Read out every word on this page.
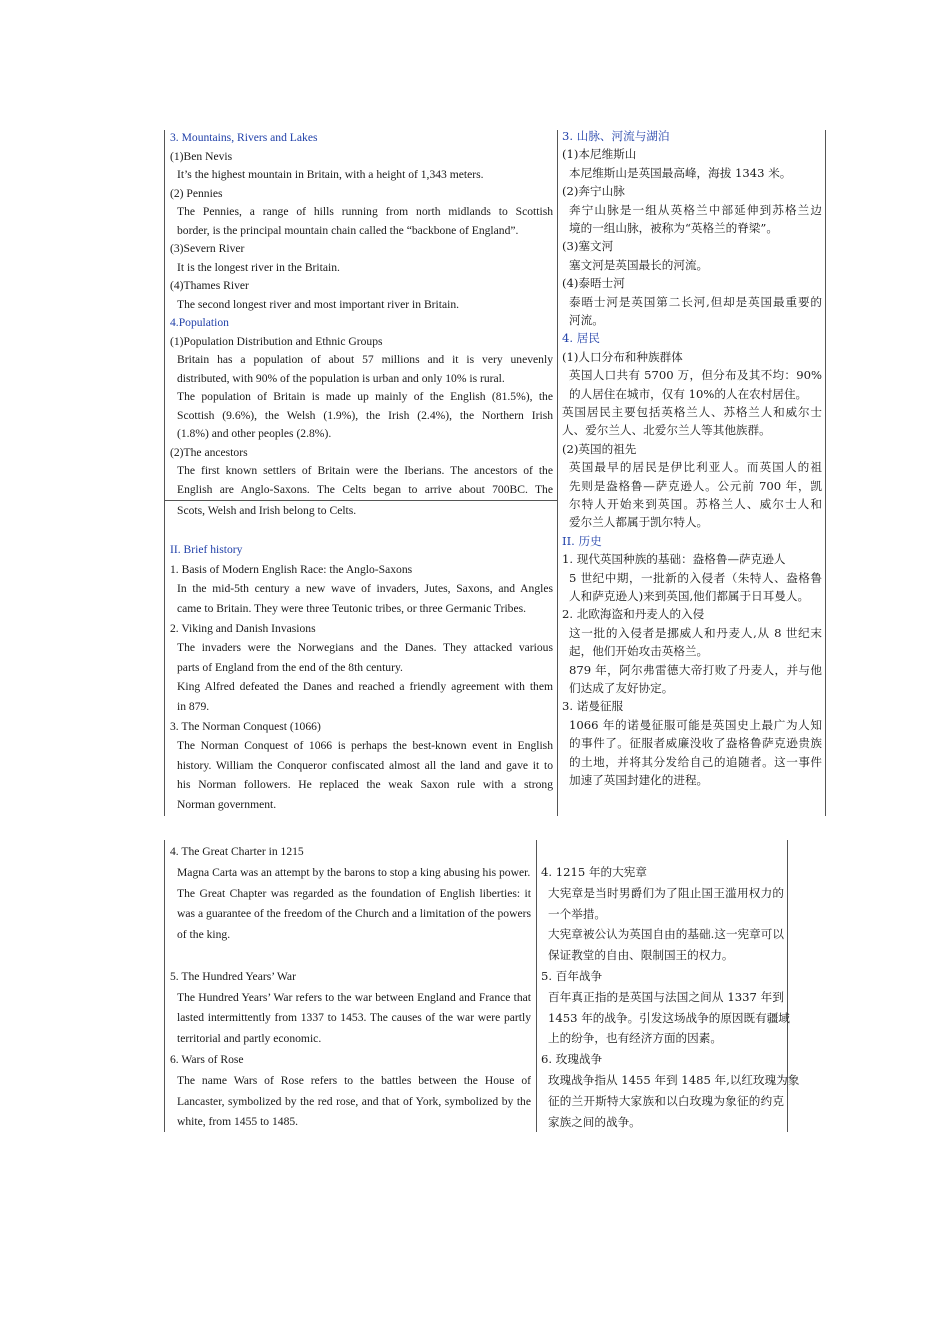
3. Mountains, Rivers and Lakes
(1)Ben Nevis
It’s the highest mountain in Britain, with a height of 1,343 meters.
(2) Pennies
The Pennies, a range of hills running from north midlands to Scottish
border, is the principal mountain chain called the “backbone of England”.
(3)Severn River
It is the longest river in the Britain.
(4)Thames River
The second longest river and most important river in Britain.
4.Population
(1)Population Distribution and Ethnic Groups
Britain has a population of about 57 millions and it is very unevenly
distributed, with 90% of the population is urban and only 10% is rural.
The population of Britain is made up mainly of the English (81.5%), the
Scottish (9.6%), the Welsh (1.9%), the Irish (2.4%), the Northern Irish
(1.8%) and other peoples (2.8%).
(2)The ancestors
The first known settlers of Britain were the Iberians. The ancestors of the
English are Anglo-Saxons. The Celts began to arrive about 700BC. The
3. 山脉、河流与湖泊
(1)本尼维斯山
本尼维斯山是英国最高峰，海拔 1343 米。
(2)奔宁山脉
奔宁山脉是一组从英格兰中部延伸到苏格兰边
境的一组山脉，被称为“英格兰的脊梁”。
(3)塞文河
塞文河是英国最长的河流。
(4)泰晤士河
泰晤士河是英国第二长河,但却是英国最重要的
河流。
4. 居民
(1)人口分布和种族群体
英国人口共有 5700 万，但分布及其不均：90%
的人居住在城市，仅有 10%的人在农村居住。
英国居民主要包括英格兰人、苏格兰人和威尔士
人、爱尔兰人、北爱尔兰人等其他族群。
(2)英国的祖先
英国最早的居民是伊比利亚人。而英国人的祖
先则是盎格鲁—萨克逊人。公元前 700 年，凯
尔特人开始来到英国。苏格兰人、威尔士人和
爱尔兰人都属于凯尔特人。
II. 历史
1. 现代英国种族的基础：盎格鲁—萨克逊人
5 世纪中期，一批新的入侵者（朱特人、盎格鲁
人和萨克逊人)来到英国,他们都属于日耳曼人。
2. 北欧海盗和丹麦人的入侵
这一批的入侵者是挪威人和丹麦人,从 8 世纪末
起，他们开始攻击英格兰。
879 年，阿尔弗雷德大帝打败了丹麦人，并与他
们达成了友好协定。
3. 诺曼征服
1066 年的诺曼征服可能是英国史上最广为人知
的事件了。征服者威廉没收了盎格鲁萨克逊贵族
的土地，并将其分发给自己的追随者。这一事件
加速了英国封建化的进程。
Scots, Welsh and Irish belong to Celts.
II. Brief history
1. Basis of Modern English Race: the Anglo-Saxons
In the mid-5th century a new wave of invaders, Jutes, Saxons, and Angles
came to Britain. They were three Teutonic tribes, or three Germanic Tribes.
2. Viking and Danish Invasions
The invaders were the Norwegians and the Danes. They attacked various
parts of England from the end of the 8th century.
King Alfred defeated the Danes and reached a friendly agreement with them
in 879.
3. The Norman Conquest (1066)
The Norman Conquest of 1066 is perhaps the best-known event in English
history. William the Conqueror confiscated almost all the land and gave it to
his Norman followers. He replaced the weak Saxon rule with a strong
Norman government.
4. The Great Charter in 1215
Magna Carta was an attempt by the barons to stop a king abusing his power.
The Great Chapter was regarded as the foundation of English liberties: it
was a guarantee of the freedom of the Church and a limitation of the powers
of the king.
5. The Hundred Years’ War
The Hundred Years’ War refers to the war between England and France that
lasted intermittently from 1337 to 1453. The causes of the war were partly
territorial and partly economic.
6. Wars of Rose
The name Wars of Rose refers to the battles between the House of
Lancaster, symbolized by the red rose, and that of York, symbolized by the
white, from 1455 to 1485.
4. 1215 年的大宪章
大宪章是当时男爵们为了阻止国王滥用权力的
一个举措。
大宪章被公认为英国自由的基础.这一宪章可以
保证教堂的自由、限制国王的权力。
5. 百年战争
百年真正指的是英国与法国之间从 1337 年到
1453 年的战争。引发这场战争的原因既有疆域
上的纷争，也有经济方面的因素。
6. 玫瑰战争
玫瑰战争指从 1455 年到 1485 年,以红玫瑰为象
征的兰开斯特大家族和以白玫瑰为象征的约克
家族之间的战争。
